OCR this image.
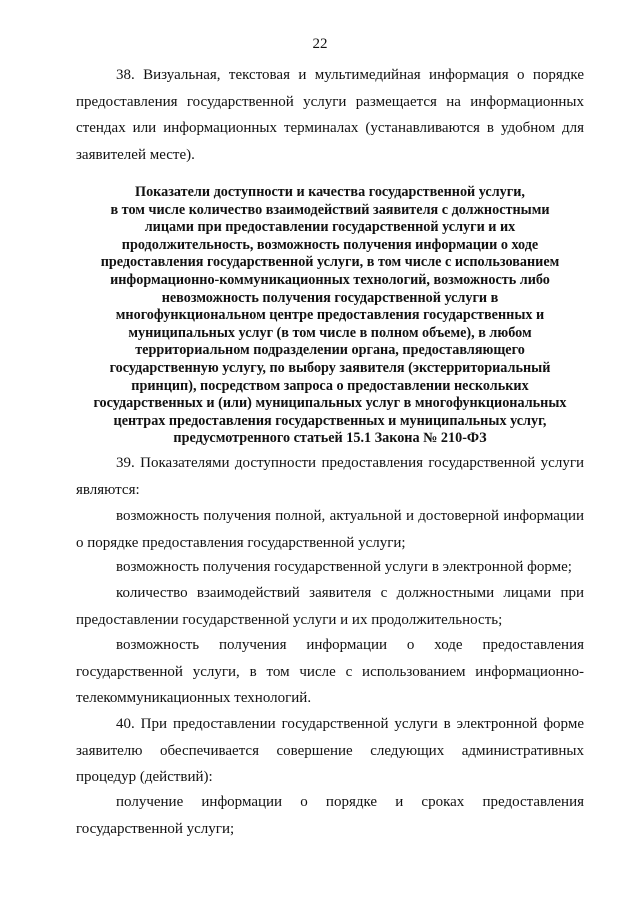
22
38. Визуальная, текстовая и мультимедийная информация о порядке предоставления государственной услуги размещается на информационных стендах или информационных терминалах (устанавливаются в удобном для заявителей месте).
Показатели доступности и качества государственной услуги,
в том числе количество взаимодействий заявителя с должностными
лицами при предоставлении государственной услуги и их
продолжительность, возможность получения информации о ходе
предоставления государственной услуги, в том числе с использованием
информационно-коммуникационных технологий, возможность либо
невозможность получения государственной услуги в
многофункциональном центре предоставления государственных и
муниципальных услуг (в том числе в полном объеме), в любом
территориальном подразделении органа, предоставляющего
государственную услугу, по выбору заявителя (экстерриториальный
принцип), посредством запроса о предоставлении нескольких
государственных и (или) муниципальных услуг в многофункциональных
центрах предоставления государственных и муниципальных услуг,
предусмотренного статьей 15.1 Закона № 210-ФЗ
39. Показателями доступности предоставления государственной услуги являются:
возможность получения полной, актуальной и достоверной информации о порядке предоставления государственной услуги;
возможность получения государственной услуги в электронной форме;
количество взаимодействий заявителя с должностными лицами при предоставлении государственной услуги и их продолжительность;
возможность получения информации о ходе предоставления государственной услуги, в том числе с использованием информационно-телекоммуникационных технологий.
40. При предоставлении государственной услуги в электронной форме заявителю обеспечивается совершение следующих административных процедур (действий):
получение информации о порядке и сроках предоставления государственной услуги;
